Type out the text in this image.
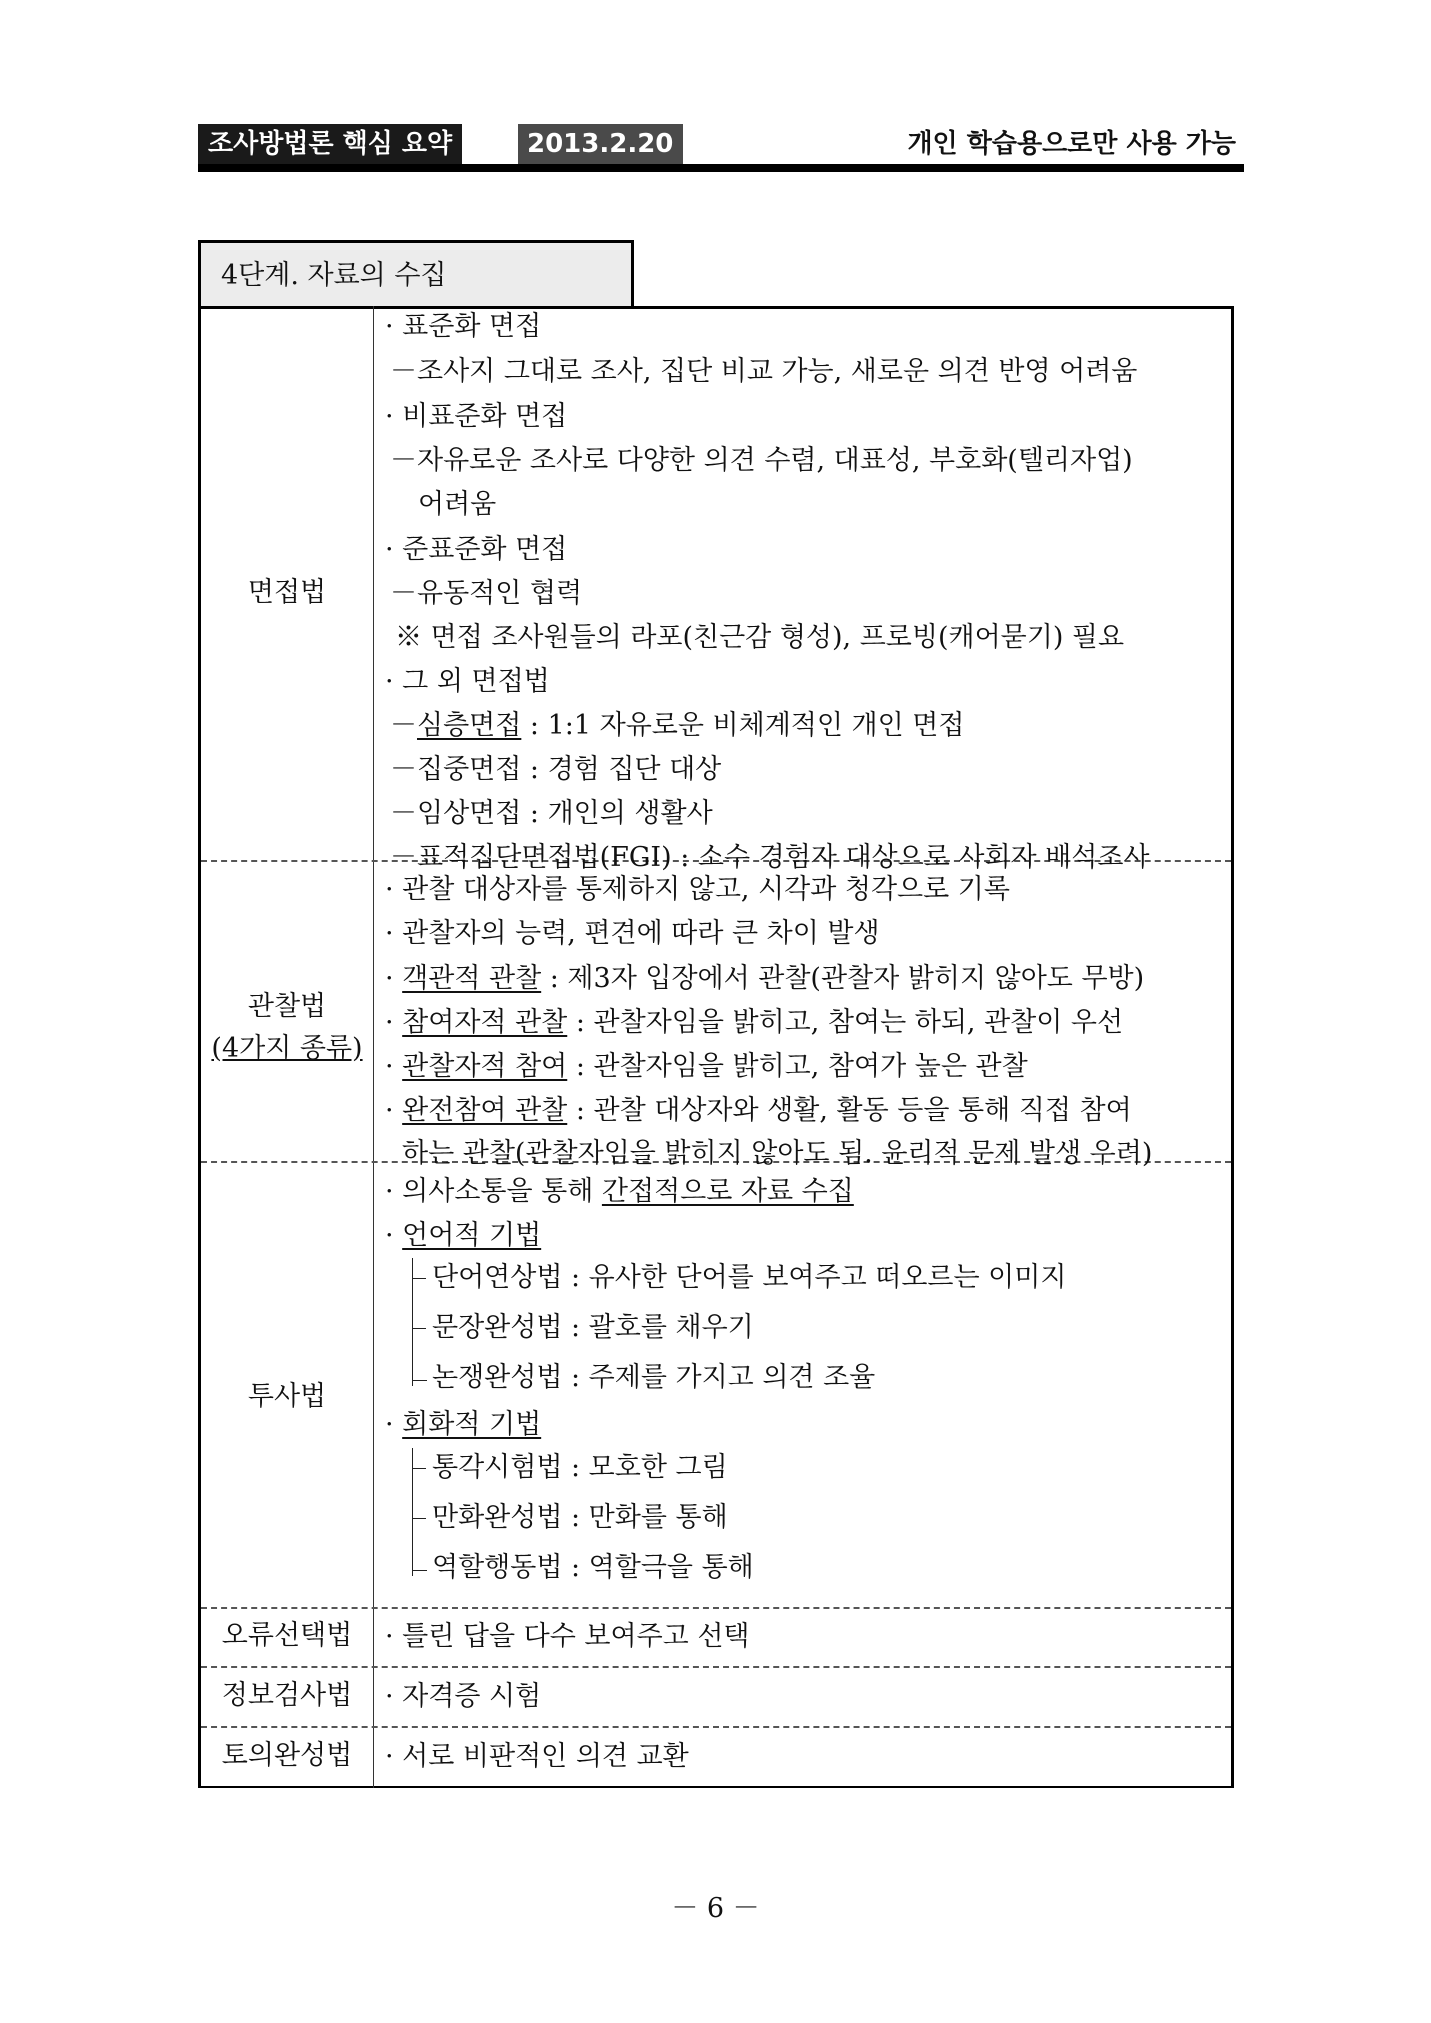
조사방법론 핵심 요약	2013.2.20	개인 학습용으로만 사용 가능
4단계. 자료의 수집
면접법
관찰법
(4가지 종류)
투사법
오류선택법
정보검사법
토의완성법
· 표준화 면접
－조사지 그대로 조사, 집단 비교 가능, 새로운 의견 반영 어려움
· 비표준화 면접
－자유로운 조사로 다양한 의견 수렴, 대표성, 부호화(텔리자업)
어려움
· 준표준화 면접
－유동적인 협력
※ 면접 조사원들의 라포(친근감 형성), 프로빙(캐어묻기) 필요
· 그 외 면접법
－심층면접 : 1:1 자유로운 비체계적인 개인 면접
－집중면접 : 경험 집단 대상
－임상면접 : 개인의 생활사
－표적집단면접법(FGI) : 소수 경험자 대상으로 사회자 배석조사
· 관찰 대상자를 통제하지 않고, 시각과 청각으로 기록
· 관찰자의 능력, 편견에 따라 큰 차이 발생
· 객관적 관찰 : 제3자 입장에서 관찰(관찰자 밝히지 않아도 무방)
· 참여자적 관찰 : 관찰자임을 밝히고, 참여는 하되, 관찰이 우선
· 관찰자적 참여 : 관찰자임을 밝히고, 참여가 높은 관찰
· 완전참여 관찰 : 관찰 대상자와 생활, 활동 등을 통해 직접 참여
하는 관찰(관찰자임을 밝히지 않아도 됨. 윤리적 문제 발생 우려)
· 의사소통을 통해 간접적으로 자료 수집
· 언어적 기법
단어연상법 : 유사한 단어를 보여주고 떠오르는 이미지
문장완성법 : 괄호를 채우기
논쟁완성법 : 주제를 가지고 의견 조율
· 회화적 기법
통각시험법 : 모호한 그림
만화완성법 : 만화를 통해
역할행동법 : 역할극을 통해
· 틀린 답을 다수 보여주고 선택
· 자격증 시험
· 서로 비판적인 의견 교환
－ 6 －
